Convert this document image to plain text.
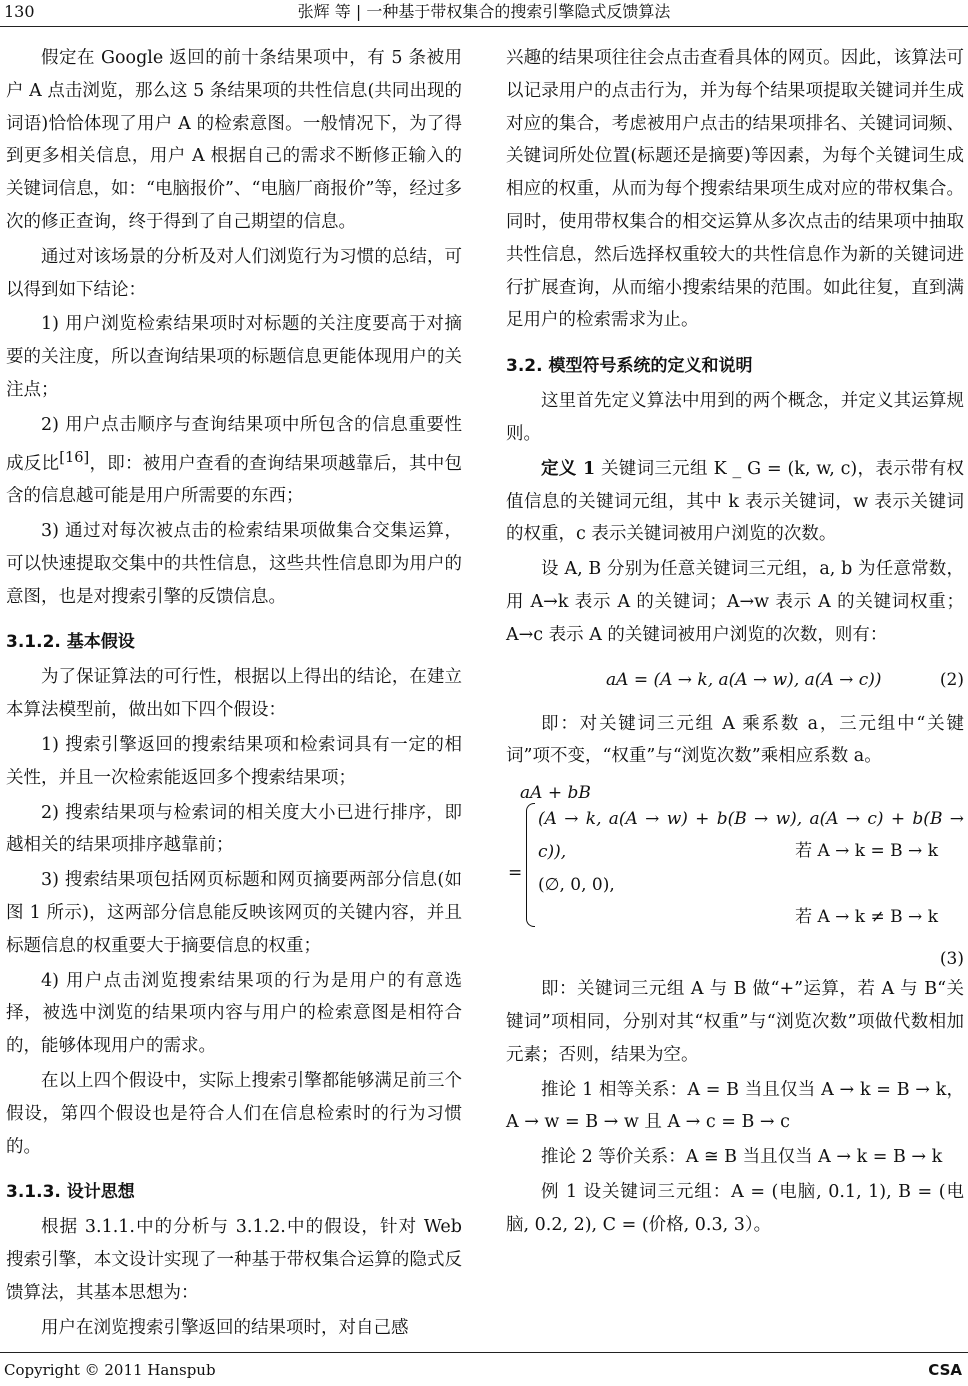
130	张辉 等 | 一种基于带权集合的搜索引擎隐式反馈算法

假定在 Google 返回的前十条结果项中，有 5 条被用户 A 点击浏览，那么这 5 条结果项的共性信息(共同出现的词语)恰恰体现了用户 A 的检索意图。一般情况下，为了得到更多相关信息，用户 A 根据自己的需求不断修正输入的关键词信息，如：“电脑报价”、“电脑厂商报价”等，经过多次的修正查询，终于得到了自己期望的信息。

通过对该场景的分析及对人们浏览行为习惯的总结，可以得到如下结论：

1) 用户浏览检索结果项时对标题的关注度要高于对摘要的关注度，所以查询结果项的标题信息更能体现用户的关注点；

2) 用户点击顺序与查询结果项中所包含的信息重要性成反比[16]，即：被用户查看的查询结果项越靠后，其中包含的信息越可能是用户所需要的东西；

3) 通过对每次被点击的检索结果项做集合交集运算，可以快速提取交集中的共性信息，这些共性信息即为用户的意图，也是对搜索引擎的反馈信息。

3.1.2. 基本假设

为了保证算法的可行性，根据以上得出的结论，在建立本算法模型前，做出如下四个假设：

1) 搜索引擎返回的搜索结果项和检索词具有一定的相关性，并且一次检索能返回多个搜索结果项；

2) 搜索结果项与检索词的相关度大小已进行排序，即越相关的结果项排序越靠前；

3) 搜索结果项包括网页标题和网页摘要两部分信息(如图 1 所示)，这两部分信息能反映该网页的关键内容，并且标题信息的权重要大于摘要信息的权重；

4) 用户点击浏览搜索结果项的行为是用户的有意选择，被选中浏览的结果项内容与用户的检索意图是相符合的，能够体现用户的需求。

在以上四个假设中，实际上搜索引擎都能够满足前三个假设，第四个假设也是符合人们在信息检索时的行为习惯的。

3.1.3. 设计思想

根据 3.1.1.中的分析与 3.1.2.中的假设，针对 Web 搜索引擎，本文设计实现了一种基于带权集合运算的隐式反馈算法，其基本思想为：

用户在浏览搜索引擎返回的结果项时，对自己感

兴趣的结果项往往会点击查看具体的网页。因此，该算法可以记录用户的点击行为，并为每个结果项提取关键词并生成对应的集合，考虑被用户点击的结果项排名、关键词词频、关键词所处位置(标题还是摘要)等因素，为每个关键词生成相应的权重，从而为每个搜索结果项生成对应的带权集合。同时，使用带权集合的相交运算从多次点击的结果项中抽取共性信息，然后选择权重较大的共性信息作为新的关键词进行扩展查询，从而缩小搜索结果的范围。如此往复，直到满足用户的检索需求为止。

3.2. 模型符号系统的定义和说明

这里首先定义算法中用到的两个概念，并定义其运算规则。

定义 1 关键词三元组 K _ G = (k, w, c)，表示带有权值信息的关键词元组，其中 k 表示关键词，w 表示关键词的权重，c 表示关键词被用户浏览的次数。

设 A, B 分别为任意关键词三元组，a, b 为任意常数，用 A→k 表示 A 的关键词；A→w 表示 A 的关键词权重；A→c 表示 A 的关键词被用户浏览的次数，则有：

aA = (A → k, a(A → w), a(A → c))	(2)

即：对关键词三元组 A 乘系数 a，三元组中“关键词”项不变，“权重”与“浏览次数”乘相应系数 a。

aA + bB
=
(A → k, a(A → w) + b(B → w), a(A → c) + b(B → c)),	若 A → k = B → k
(∅, 0, 0),
若 A → k ≠ B → k
(3)

即：关键词三元组 A 与 B 做“+”运算，若 A 与 B“关键词”项相同，分别对其“权重”与“浏览次数”项做代数相加元素；否则，结果为空。

推论 1 相等关系：A = B 当且仅当 A → k = B → k，A → w = B → w 且 A → c = B → c

推论 2 等价关系：A ≅ B 当且仅当 A → k = B → k

例 1 设关键词三元组：A = (电脑, 0.1, 1), B = (电脑, 0.2, 2), C = (价格, 0.3, 3）。

Copyright © 2011 Hanspub	CSA
